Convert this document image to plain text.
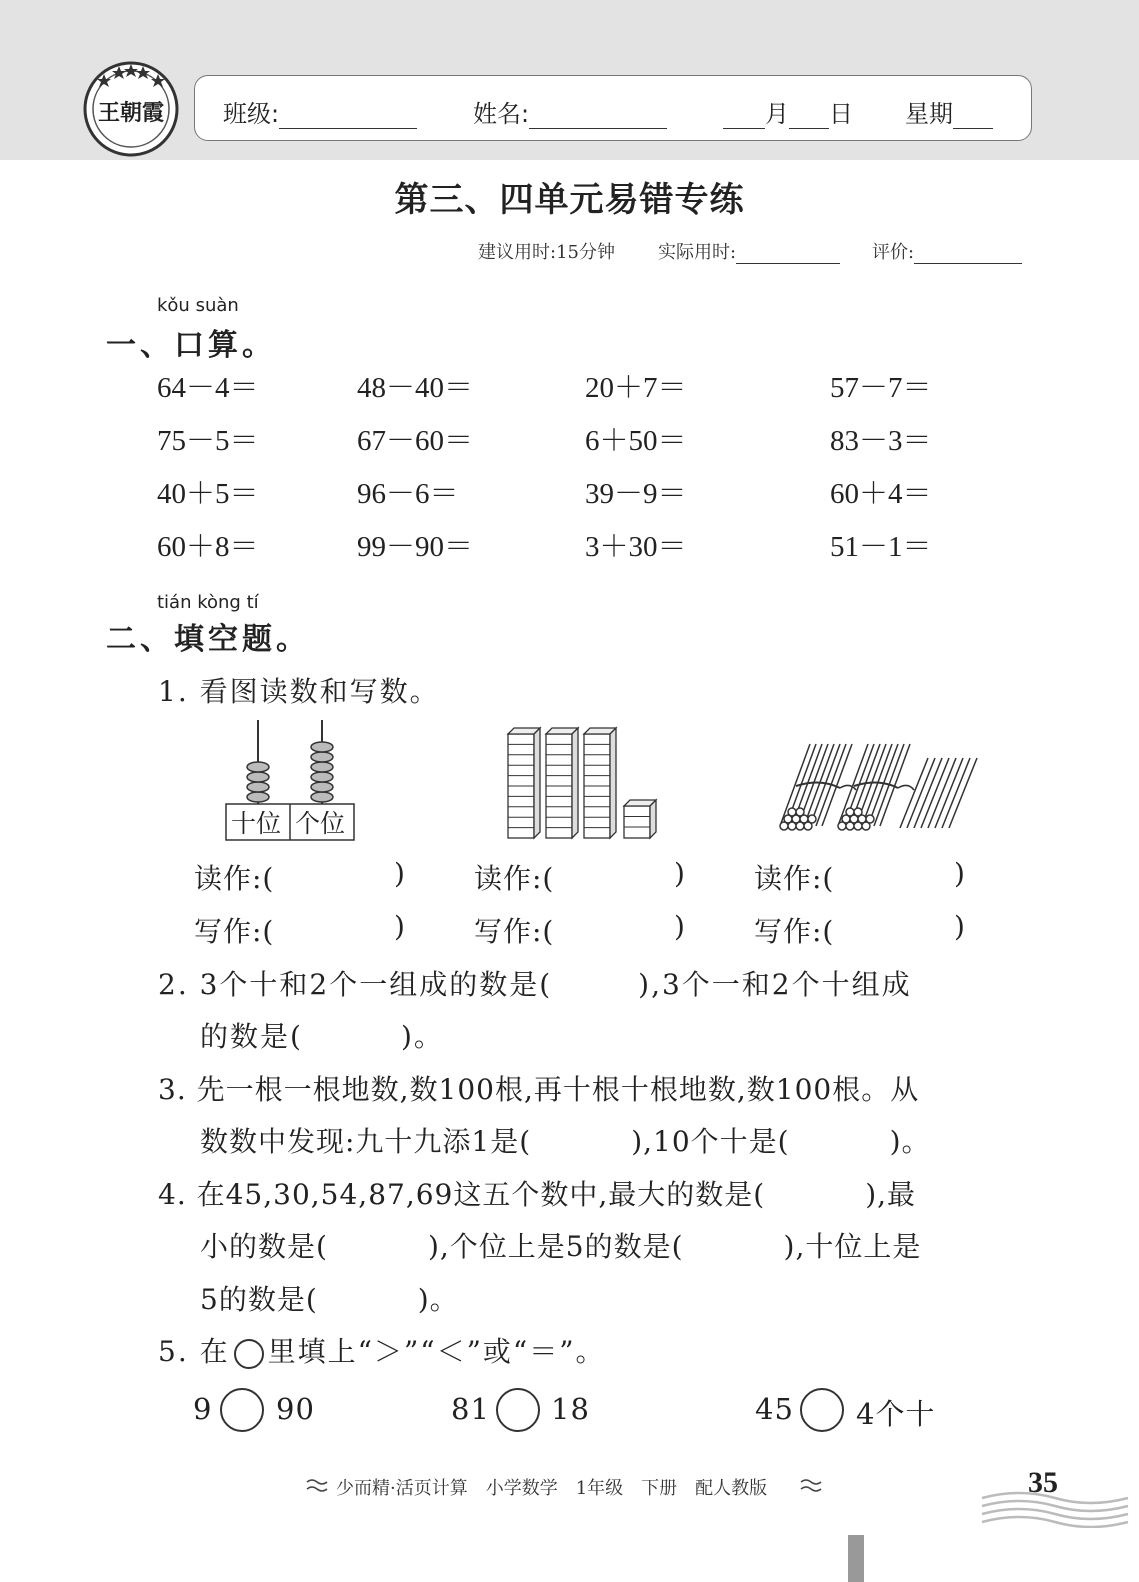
王朝霞 班级:	姓名:	月 日 星期
第三、四单元易错专练
建议用时:15分钟 实际用时:	评价:
kǒu suàn
一、口算。
64－4＝	48－40＝	20＋7＝	57－7＝
75－5＝	67－60＝	6＋50＝	83－3＝
40＋5＝	96－6＝	39－9＝	60＋4＝
60＋8＝	99－90＝	3＋30＝	51－1＝
tián kòng tí
二、填空题。
1. 看图读数和写数。
十位 个位
读作:(	) 读作:(	) 读作:(	)
写作:(	) 写作:(	) 写作:(	)
2. 3个十和2个一组成的数是(	),3个一和2个十组成
的数是(	)。
3. 先一根一根地数,数100根,再十根十根地数,数100根。从
数数中发现:九十九添1是(	),10个十是(	)。
4. 在45,30,54,87,69这五个数中,最大的数是(	),最
小的数是(	),个位上是5的数是(	),十位上是
5的数是(	)。
5. 在 里填上“＞”“＜”或“＝”。
9 90	81 18	45 4个十
少而精·活页计算　小学数学　1年级　下册　配人教版	35
